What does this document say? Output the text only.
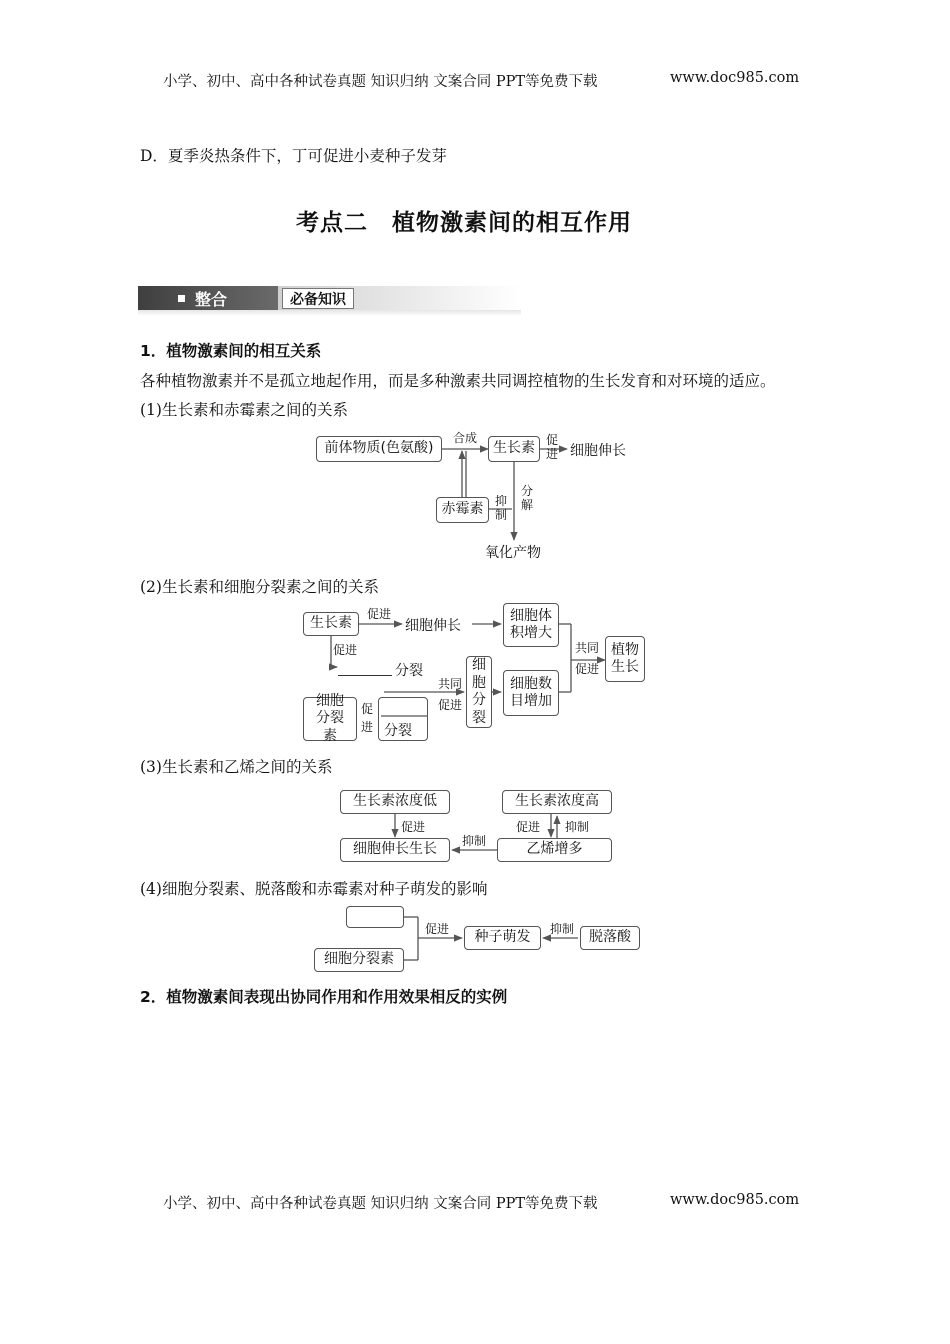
小学、初中、高中各种试卷真题 知识归纳 文案合同 PPT等免费下载	www.doc985.com
D．夏季炎热条件下，丁可促进小麦种子发芽
考点二　植物激素间的相互作用
整合	必备知识
1．植物激素间的相互关系
各种植物激素并不是孤立地起作用，而是多种激素共同调控植物的生长发育和对环境的适应。
(1)生长素和赤霉素之间的关系
前体物质(色氨酸)
合成
生长素
促进 细胞伸长
赤霉素
抑制
分解
氧化产物
(2)生长素和细胞分裂素之间的关系
生长素
促进
细胞伸长
细胞体积增大
共同
促进
植物生长
促进
分裂	细胞分裂
共同
促进
细胞数目增加
细胞分裂素
促进 分裂
(3)生长素和乙烯之间的关系
生长素浓度低	生长素浓度高
促进	促进 抑制
细胞伸长生长
抑制
乙烯增多
(4)细胞分裂素、脱落酸和赤霉素对种子萌发的影响
促进
种子萌发
抑制
脱落酸
细胞分裂素
2．植物激素间表现出协同作用和作用效果相反的实例
小学、初中、高中各种试卷真题 知识归纳 文案合同 PPT等免费下载	www.doc985.com
